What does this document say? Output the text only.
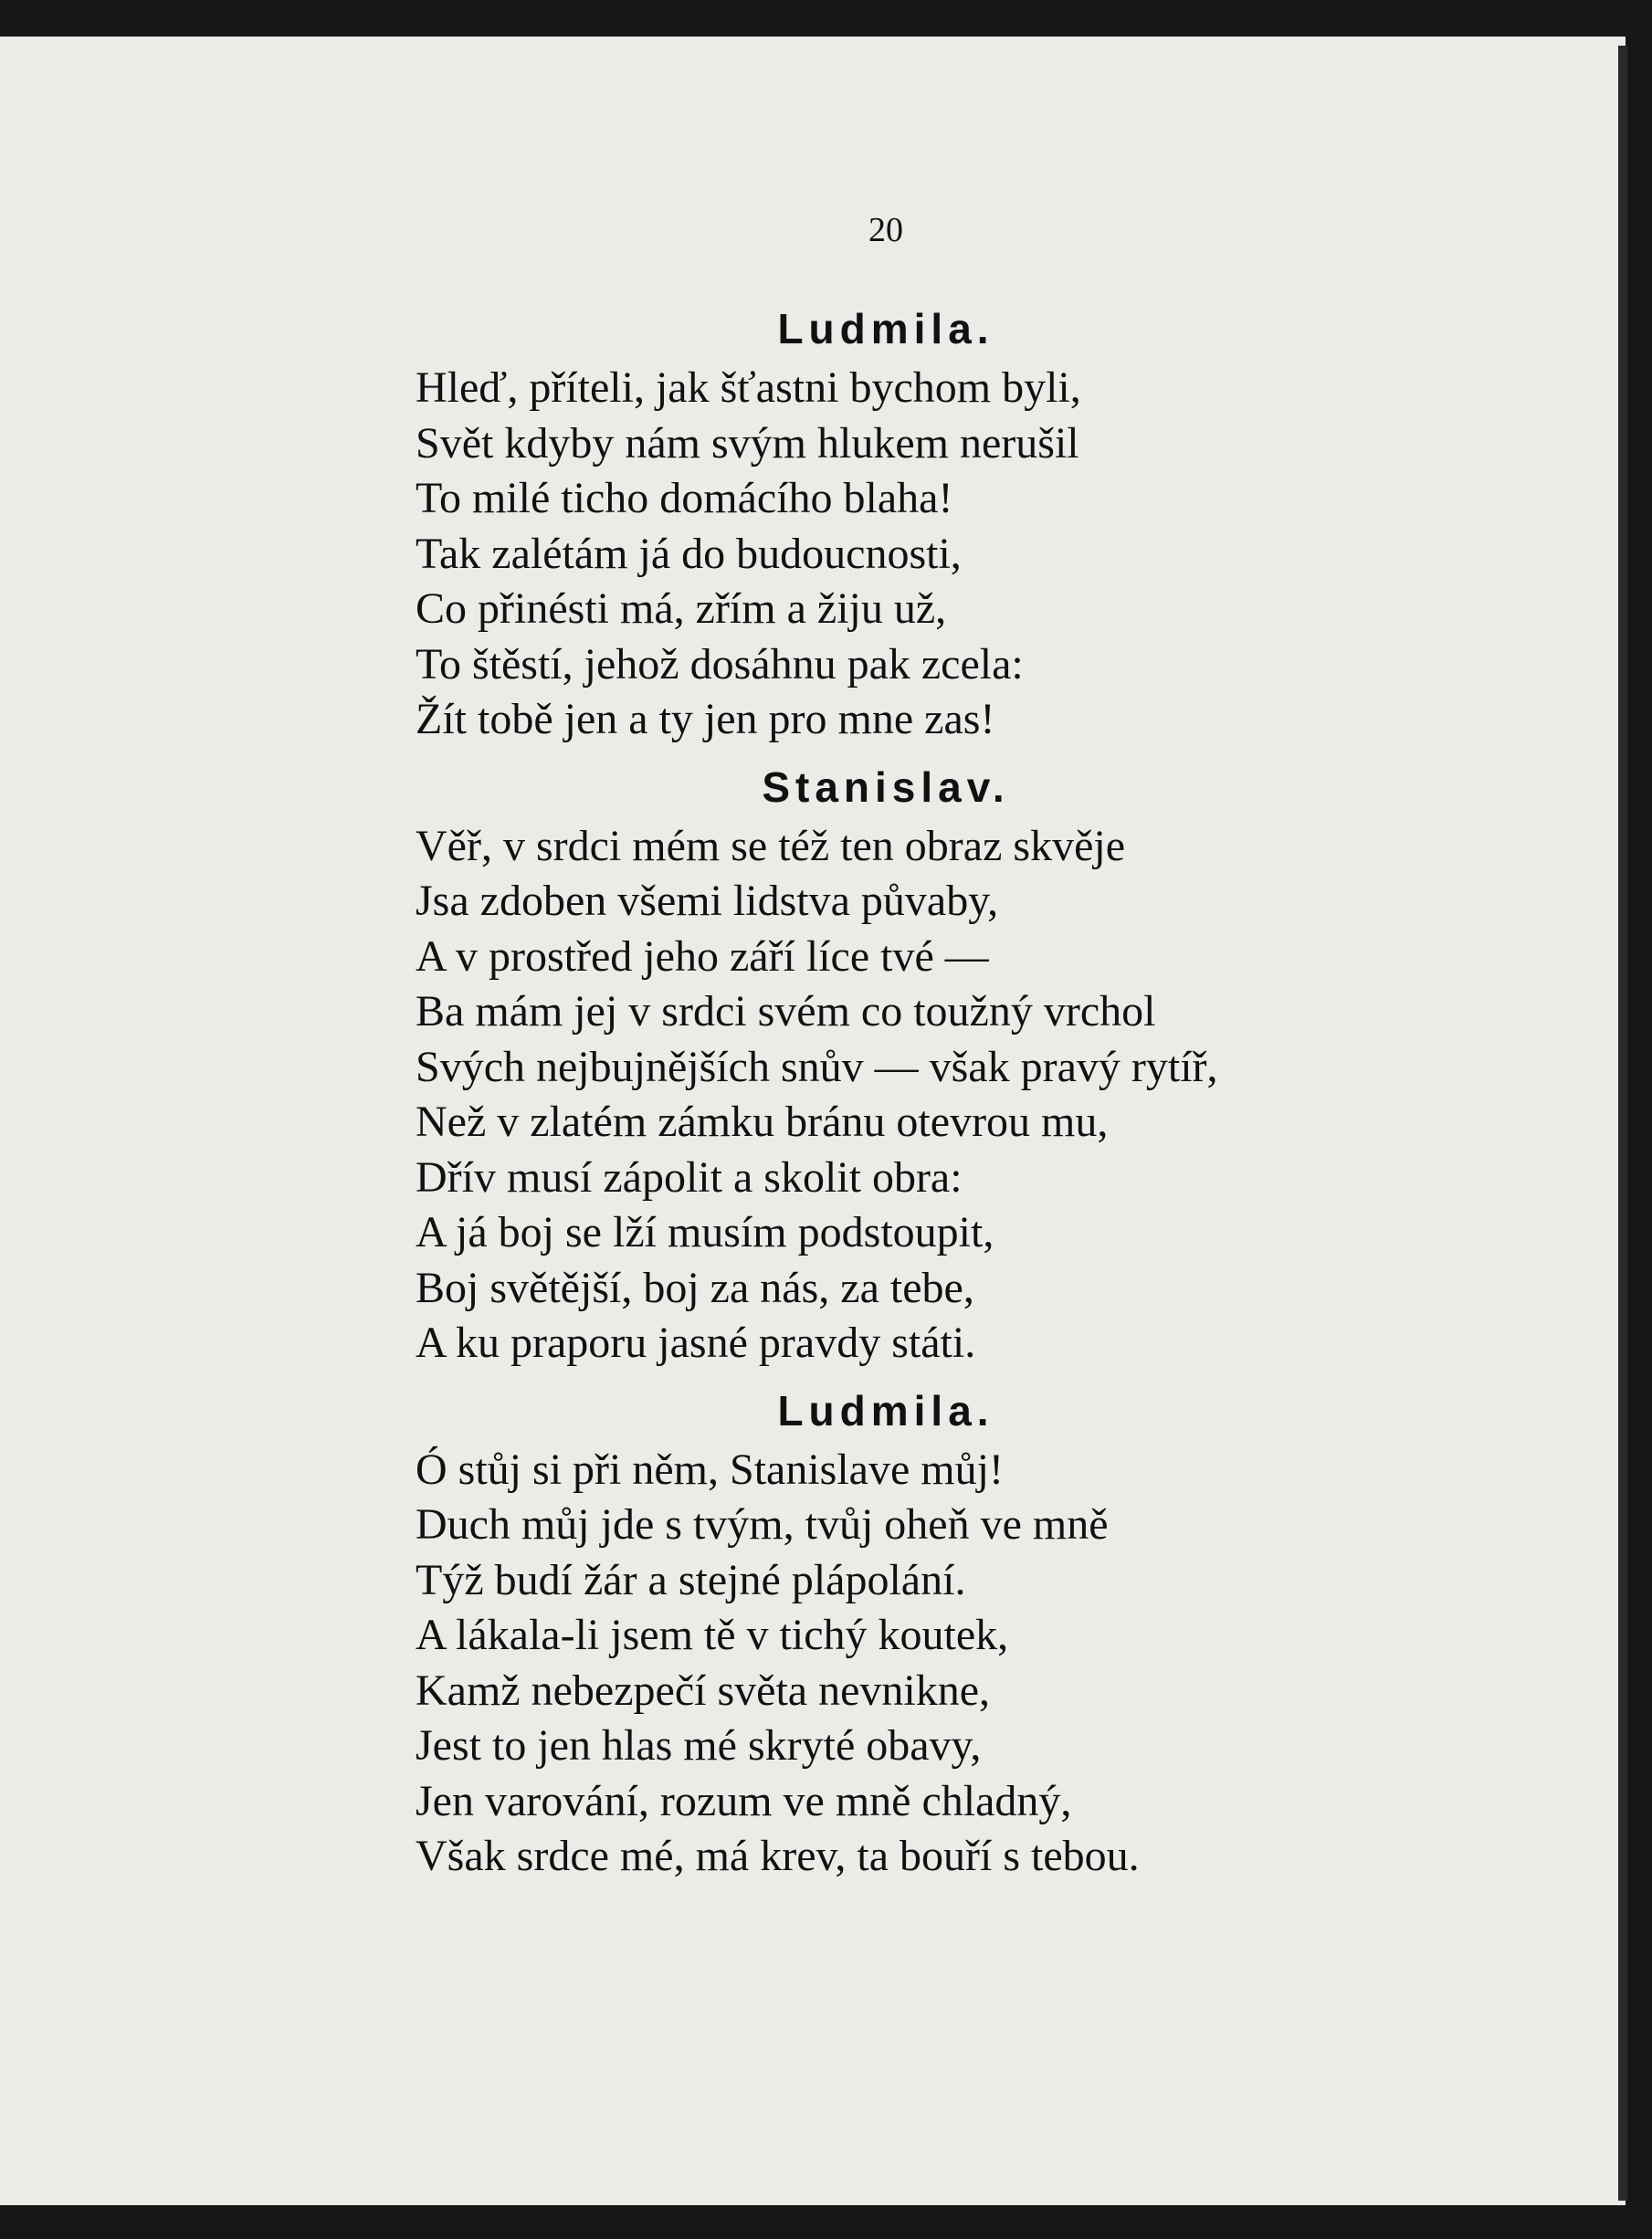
20
Ludmila.
Hleď, příteli, jak šťastni bychom byli,
Svět kdyby nám svým hlukem nerušil
To milé ticho domácího blaha!
Tak zalétám já do budoucnosti,
Co přinésti má, zřím a žiju už,
To štěstí, jehož dosáhnu pak zcela:
Žít tobě jen a ty jen pro mne zas!
Stanislav.
Věř, v srdci mém se též ten obraz skvěje
Jsa zdoben všemi lidstva půvaby,
A v prostřed jeho září líce tvé —
Ba mám jej v srdci svém co toužný vrchol
Svých nejbujnějších snův — však pravý rytíř,
Než v zlatém zámku bránu otevrou mu,
Dřív musí zápolit a skolit obra:
A já boj se lží musím podstoupit,
Boj světější, boj za nás, za tebe,
A ku praporu jasné pravdy státi.
Ludmila.
Ó stůj si při něm, Stanislave můj!
Duch můj jde s tvým, tvůj oheň ve mně
Týž budí žár a stejné plápolání.
A lákala-li jsem tě v tichý koutek,
Kamž nebezpečí světa nevnikne,
Jest to jen hlas mé skryté obavy,
Jen varování, rozum ve mně chladný,
Však srdce mé, má krev, ta bouří s tebou.
